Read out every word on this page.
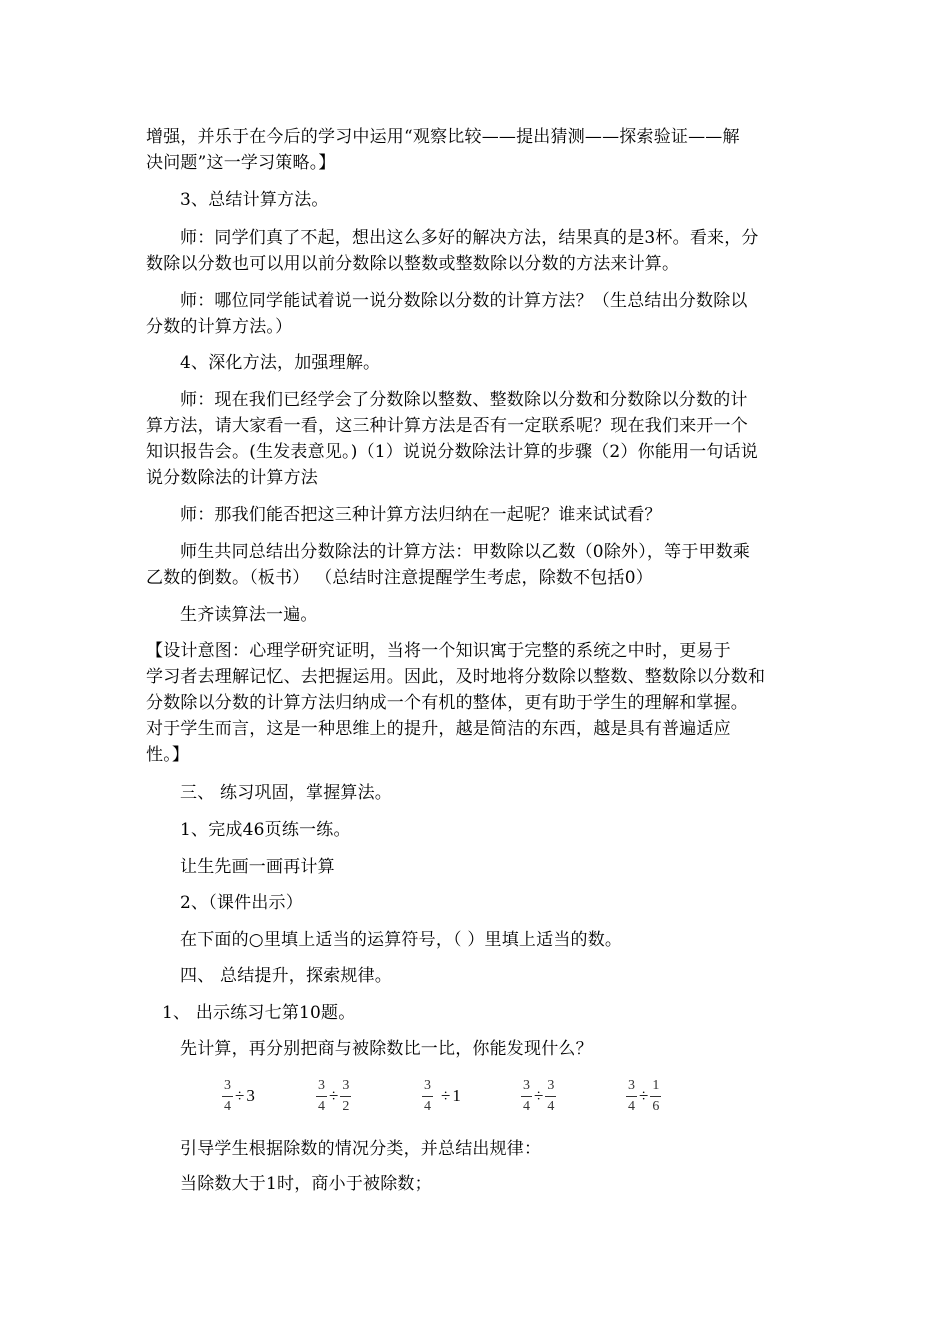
增强，并乐于在今后的学习中运用“观察比较——提出猜测——探索验证——解
决问题”这一学习策略。】
3、总结计算方法。
师：同学们真了不起，想出这么多好的解决方法，结果真的是3杯。看来，分
数除以分数也可以用以前分数除以整数或整数除以分数的方法来计算。
师：哪位同学能试着说一说分数除以分数的计算方法？（生总结出分数除以
分数的计算方法。）
4、深化方法，加强理解。
师：现在我们已经学会了分数除以整数、整数除以分数和分数除以分数的计
算方法，请大家看一看，这三种计算方法是否有一定联系呢？现在我们来开一个
知识报告会。(生发表意见。)（1）说说分数除法计算的步骤（2）你能用一句话说
说分数除法的计算方法
师：那我们能否把这三种计算方法归纳在一起呢？谁来试试看？
师生共同总结出分数除法的计算方法：甲数除以乙数（0除外），等于甲数乘
乙数的倒数。（板书） （总结时注意提醒学生考虑，除数不包括0）
生齐读算法一遍。
【设计意图：心理学研究证明，当将一个知识寓于完整的系统之中时，更易于
学习者去理解记忆、去把握运用。因此，及时地将分数除以整数、整数除以分数和
分数除以分数的计算方法归纳成一个有机的整体，更有助于学生的理解和掌握。
对于学生而言，这是一种思维上的提升，越是简洁的东西，越是具有普遍适应
性。】
三、 练习巩固，掌握算法。
1、完成46页练一练。
让生先画一画再计算
2、（课件出示）
在下面的○里填上适当的运算符号，（ ）里填上适当的数。
四、 总结提升，探索规律。
1、 出示练习七第10题。
先计算，再分别把商与被除数比一比，你能发现什么？
$\frac{3}{4} \div 3$	$\frac{3}{4} \div \frac{3}{2}$	$\frac{3}{4} \div 1$	$\frac{3}{4} \div \frac{3}{4}$	$\frac{3}{4} \div \frac{1}{6}$
引导学生根据除数的情况分类，并总结出规律：
当除数大于1时，商小于被除数；
